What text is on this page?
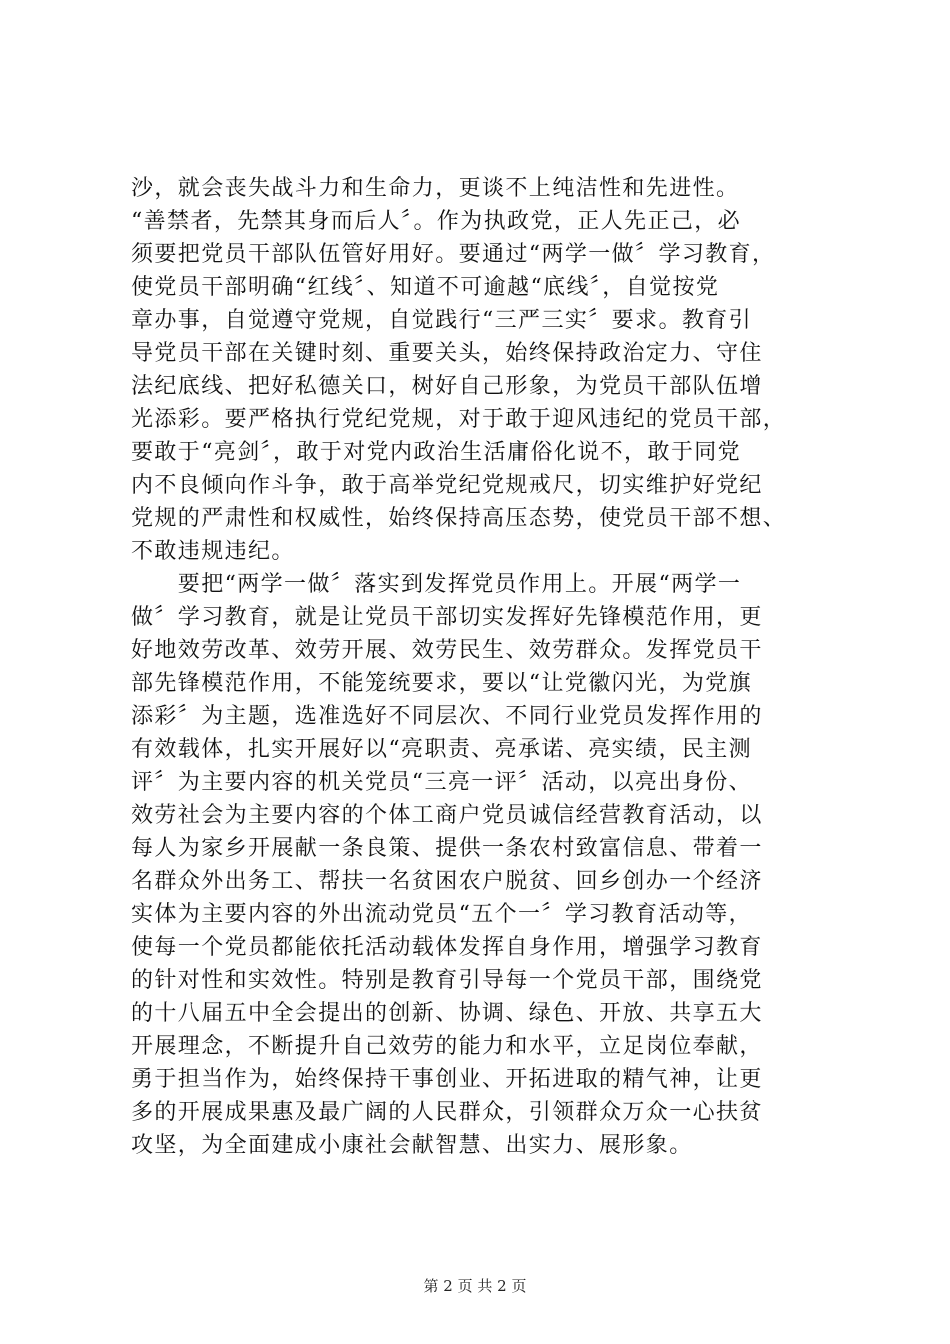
沙，就会丧失战斗力和生命力，更谈不上纯洁性和先进性。
“善禁者，先禁其身而后人〞。作为执政党，正人先正己，必
须要把党员干部队伍管好用好。要通过“两学一做〞学习教育，
使党员干部明确“红线〞、知道不可逾越“底线〞，自觉按党
章办事，自觉遵守党规，自觉践行“三严三实〞要求。教育引
导党员干部在关键时刻、重要关头，始终保持政治定力、守住
法纪底线、把好私德关口，树好自己形象，为党员干部队伍增
光添彩。要严格执行党纪党规，对于敢于迎风违纪的党员干部，
要敢于“亮剑〞，敢于对党内政治生活庸俗化说不，敢于同党
内不良倾向作斗争，敢于高举党纪党规戒尺，切实维护好党纪
党规的严肃性和权威性，始终保持高压态势，使党员干部不想、
不敢违规违纪。
　　要把“两学一做〞落实到发挥党员作用上。开展“两学一
做〞学习教育，就是让党员干部切实发挥好先锋模范作用，更
好地效劳改革、效劳开展、效劳民生、效劳群众。发挥党员干
部先锋模范作用，不能笼统要求，要以“让党徽闪光，为党旗
添彩〞为主题，选准选好不同层次、不同行业党员发挥作用的
有效载体，扎实开展好以“亮职责、亮承诺、亮实绩，民主测
评〞为主要内容的机关党员“三亮一评〞活动，以亮出身份、
效劳社会为主要内容的个体工商户党员诚信经营教育活动，以
每人为家乡开展献一条良策、提供一条农村致富信息、带着一
名群众外出务工、帮扶一名贫困农户脱贫、回乡创办一个经济
实体为主要内容的外出流动党员“五个一〞学习教育活动等，
使每一个党员都能依托活动载体发挥自身作用，增强学习教育
的针对性和实效性。特别是教育引导每一个党员干部，围绕党
的十八届五中全会提出的创新、协调、绿色、开放、共享五大
开展理念，不断提升自己效劳的能力和水平，立足岗位奉献，
勇于担当作为，始终保持干事创业、开拓进取的精气神，让更
多的开展成果惠及最广阔的人民群众，引领群众万众一心扶贫
攻坚，为全面建成小康社会献智慧、出实力、展形象。
第 2 页 共 2 页
